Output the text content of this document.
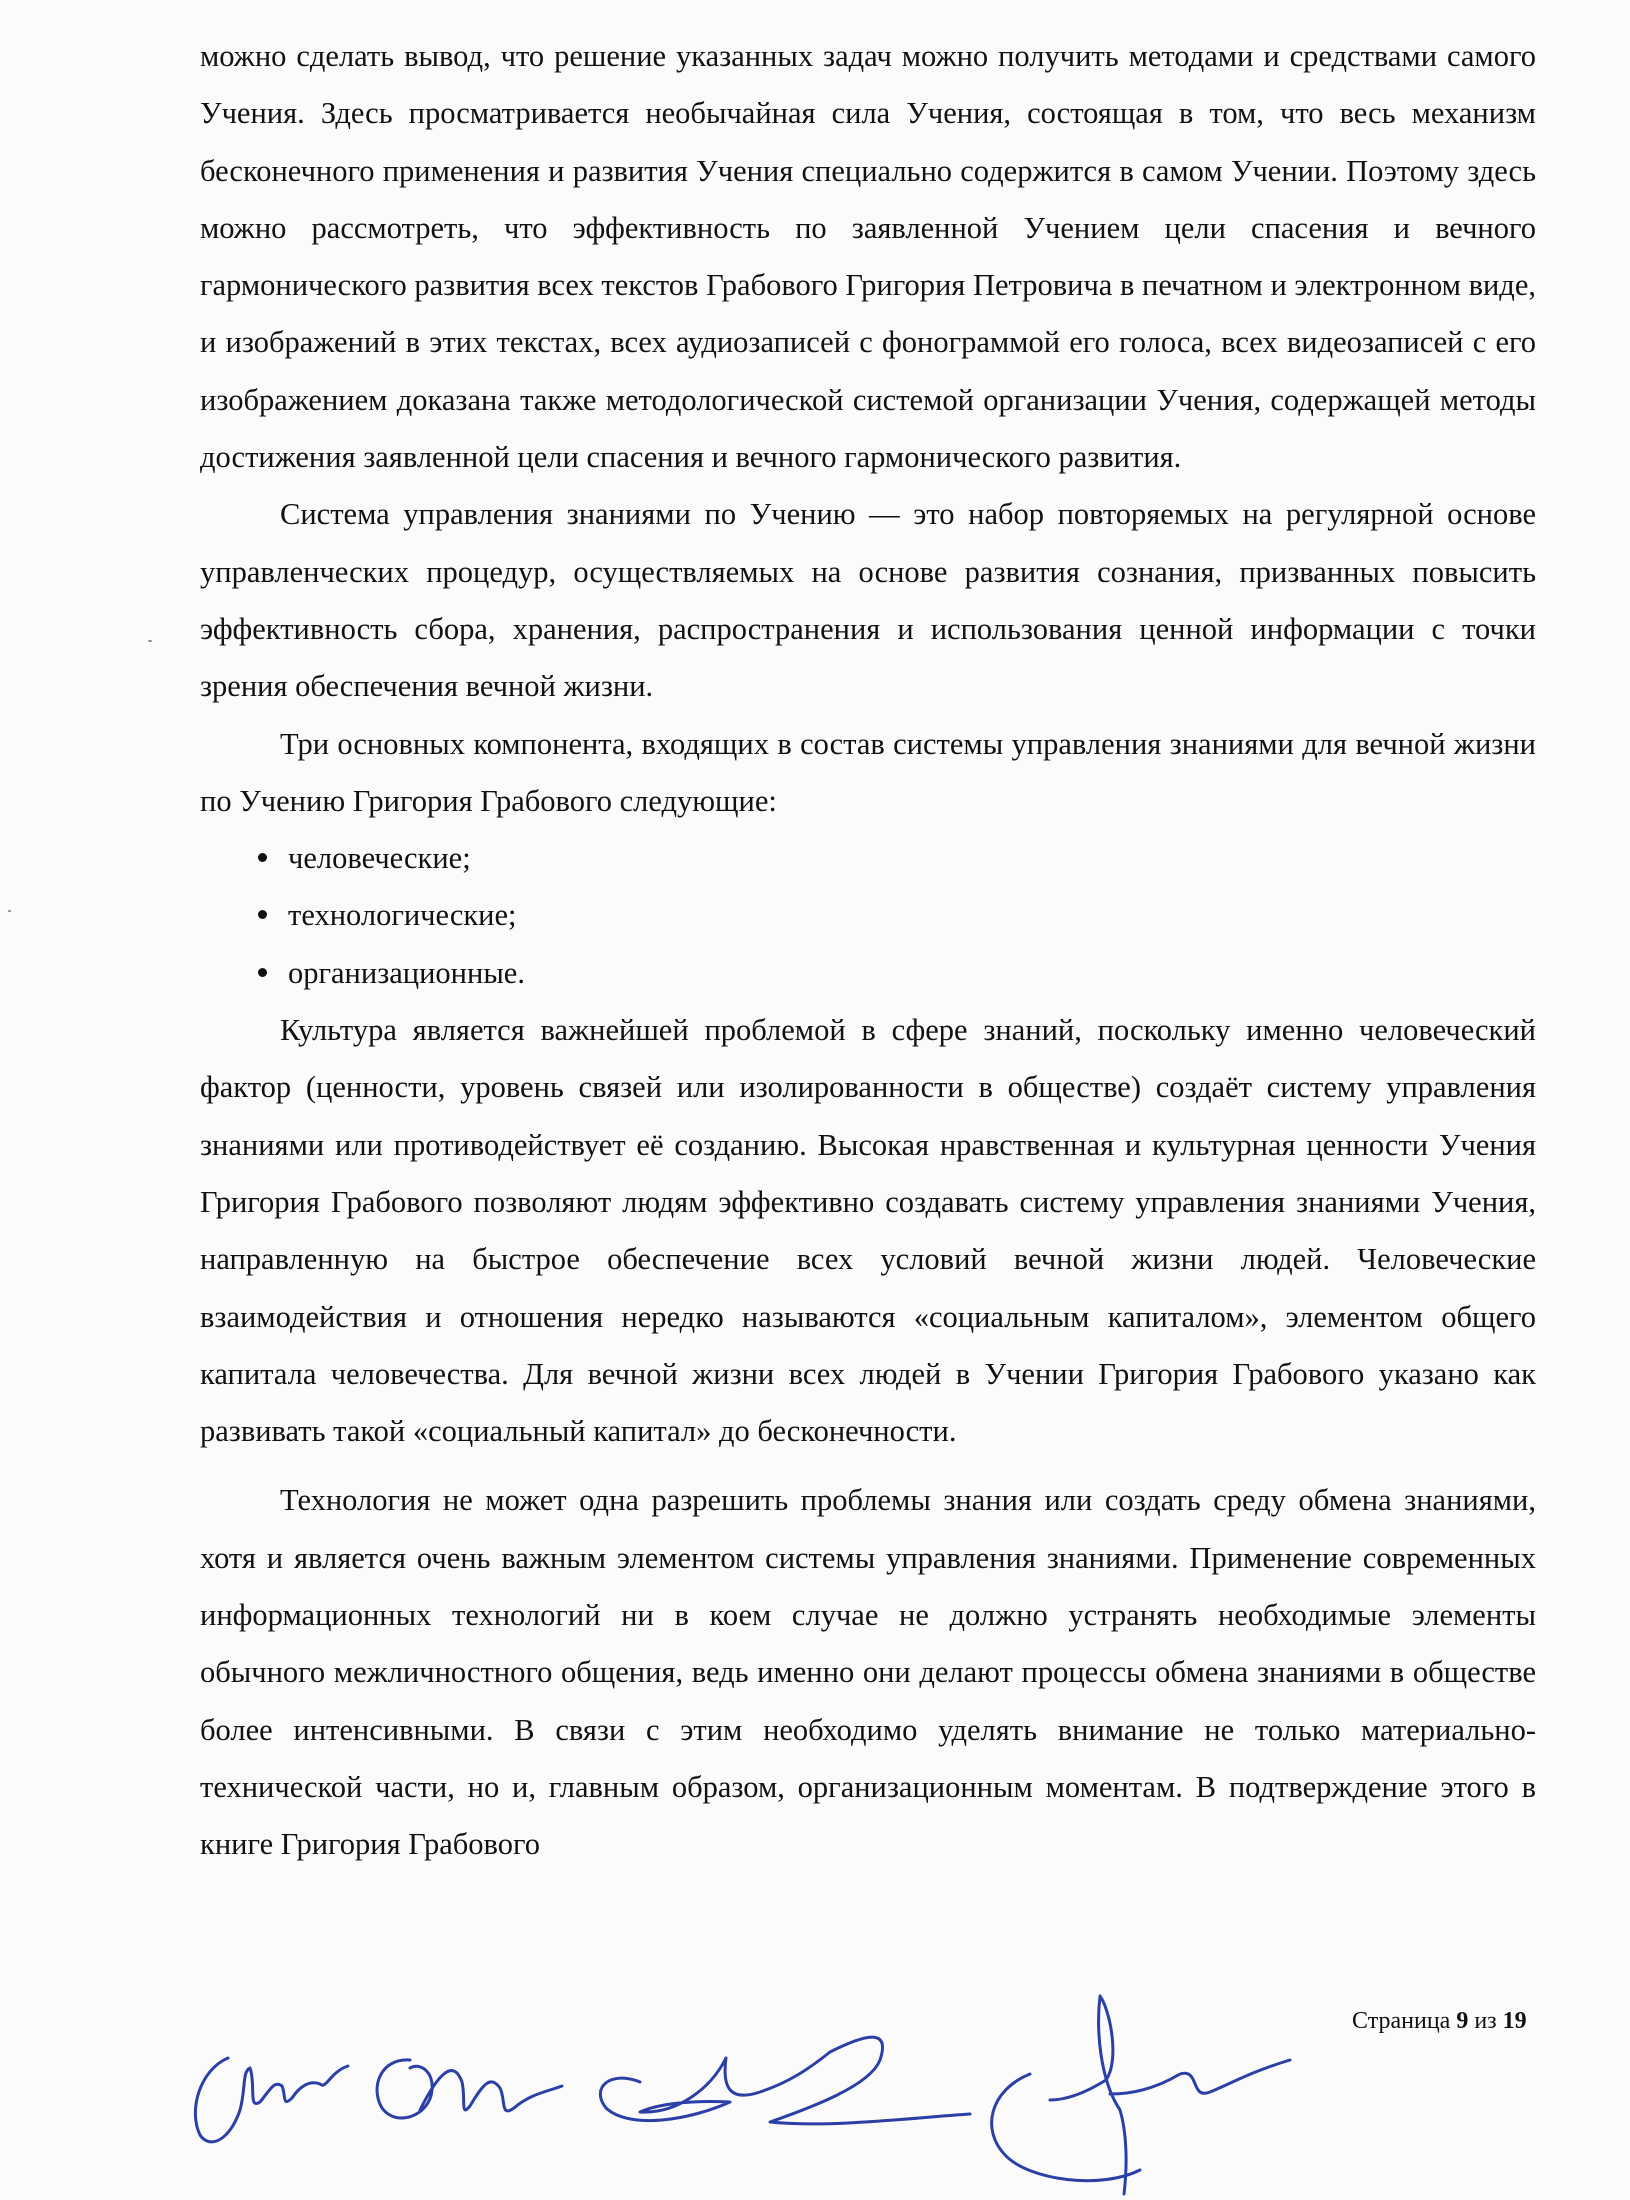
можно сделать вывод, что решение указанных задач можно получить методами и средствами самого Учения. Здесь просматривается необычайная сила Учения, состоящая в том, что весь механизм бесконечного применения и развития Учения специально содержится в самом Учении. Поэтому здесь можно рассмотреть, что эффективность по заявленной Учением цели спасения и вечного гармонического развития всех текстов Грабового Григория Петровича в печатном и электронном виде, и изображений в этих текстах, всех аудиозаписей с фонограммой его голоса, всех видеозаписей с его изображением доказана также методологической системой организации Учения, содержащей методы достижения заявленной цели спасения и вечного гармонического развития.

Система управления знаниями по Учению — это набор повторяемых на регулярной основе управленческих процедур, осуществляемых на основе развития сознания, призванных повысить эффективность сбора, хранения, распространения и использования ценной информации с точки зрения обеспечения вечной жизни.

Три основных компонента, входящих в состав системы управления знаниями для вечной жизни по Учению Григория Грабового следующие:

человеческие;
технологические;
организационные.

Культура является важнейшей проблемой в сфере знаний, поскольку именно человеческий фактор (ценности, уровень связей или изолированности в обществе) создаёт систему управления знаниями или противодействует её созданию. Высокая нравственная и культурная ценности Учения Григория Грабового позволяют людям эффективно создавать систему управления знаниями Учения, направленную на быстрое обеспечение всех условий вечной жизни людей. Человеческие взаимодействия и отношения нередко называются «социальным капиталом», элементом общего капитала человечества. Для вечной жизни всех людей в Учении Григория Грабового указано как развивать такой «социальный капитал» до бесконечности.

Технология не может одна разрешить проблемы знания или создать среду обмена знаниями, хотя и является очень важным элементом системы управления знаниями. Применение современных информационных технологий ни в коем случае не должно устранять необходимые элементы обычного межличностного общения, ведь именно они делают процессы обмена знаниями в обществе более интенсивными. В связи с этим необходимо уделять внимание не только материально-технической части, но и, главным образом, организационным моментам. В подтверждение этого в книге Григория Грабового

Страница 9 из 19
